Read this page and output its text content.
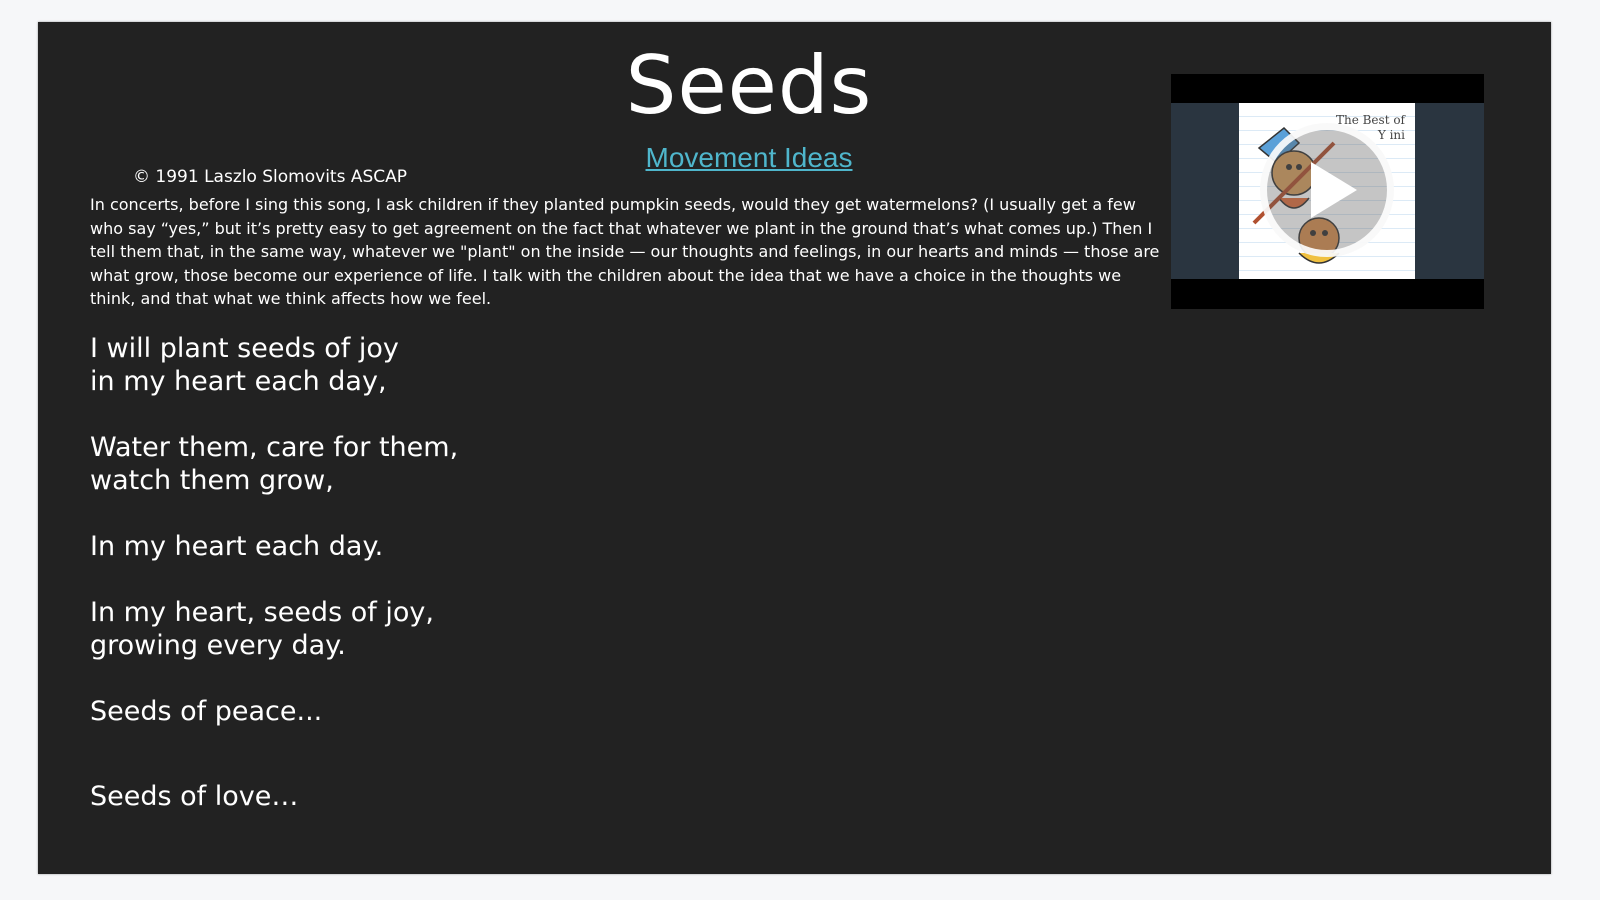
Seeds
Movement Ideas
© 1991 Laszlo Slomovits ASCAP
In concerts, before I sing this song, I ask children if they planted pumpkin seeds, would they get watermelons? (I usually get a few who say “yes,” but it’s pretty easy to get agreement on the fact that whatever we plant in the ground that’s what comes up.) Then I tell them that, in the same way, whatever we "plant" on the inside — our thoughts and feelings, in our hearts and minds — those are what grow, those become our experience of life. I talk with the children about the idea that we have a choice in the thoughts we think, and that what we think affects how we feel.
I will plant seeds of joy
in my heart each day,
Water them, care for them,
watch them grow,
In my heart each day.
In my heart, seeds of joy,
growing every day.
Seeds of peace...
Seeds of love…
The Best of
Y ini
